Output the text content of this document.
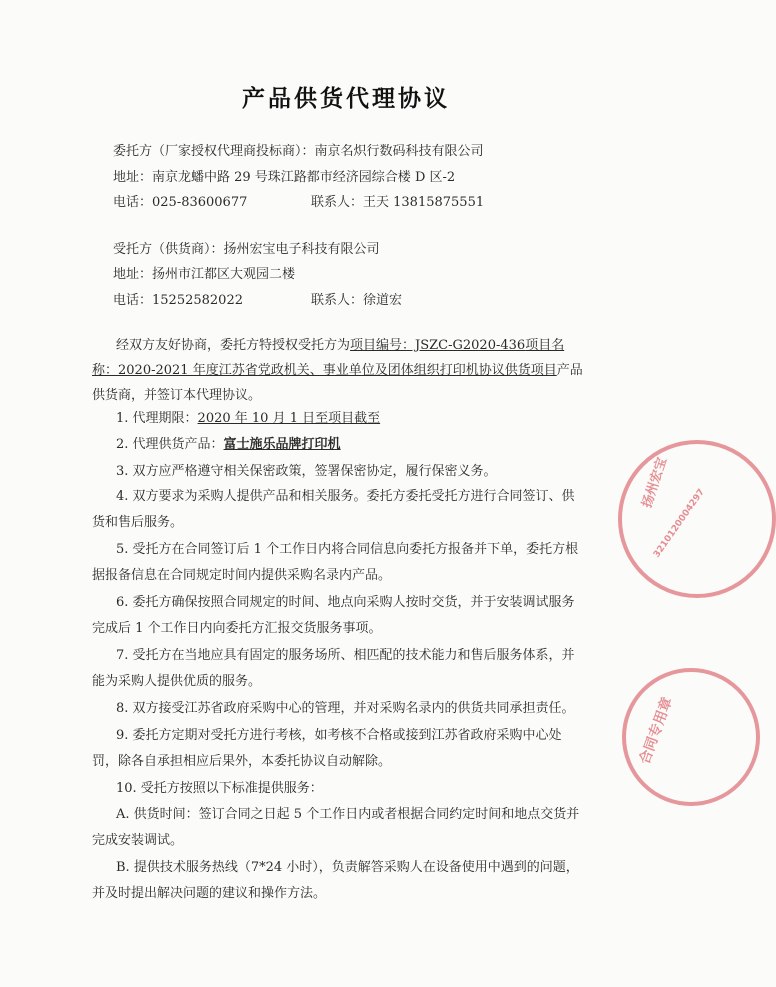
产品供货代理协议
委托方（厂家授权代理商投标商）：南京名炽行数码科技有限公司
地址：南京龙蟠中路 29 号珠江路都市经济园综合楼 D 区-2
电话：025-83600677	联系人：王天 13815875551
受托方（供货商）：扬州宏宝电子科技有限公司
地址：扬州市江都区大观园二楼
电话：15252582022	联系人：徐道宏
经双方友好协商，委托方特授权受托方为项目编号：JSZC-G2020-436项目名称：2020-2021 年度江苏省党政机关、事业单位及团体组织打印机协议供货项目产品供货商，并签订本代理协议。
1. 代理期限：2020 年 10 月 1 日至项目截至
2. 代理供货产品：富士施乐品牌打印机
3. 双方应严格遵守相关保密政策，签署保密协定，履行保密义务。
4. 双方要求为采购人提供产品和相关服务。委托方委托受托方进行合同签订、供货和售后服务。
5. 受托方在合同签订后 1 个工作日内将合同信息向委托方报备并下单，委托方根据报备信息在合同规定时间内提供采购名录内产品。
6. 委托方确保按照合同规定的时间、地点向采购人按时交货，并于安装调试服务完成后 1 个工作日内向委托方汇报交货服务事项。
7. 受托方在当地应具有固定的服务场所、相匹配的技术能力和售后服务体系，并能为采购人提供优质的服务。
8. 双方接受江苏省政府采购中心的管理，并对采购名录内的供货共同承担责任。
9. 委托方定期对受托方进行考核，如考核不合格或接到江苏省政府采购中心处罚，除各自承担相应后果外，本委托协议自动解除。
10. 受托方按照以下标准提供服务：
A. 供货时间：签订合同之日起 5 个工作日内或者根据合同约定时间和地点交货并完成安装调试。
B. 提供技术服务热线（7*24 小时），负责解答采购人在设备使用中遇到的问题，并及时提出解决问题的建议和操作方法。
扬州宏宝
3210120004297
合同专用章
